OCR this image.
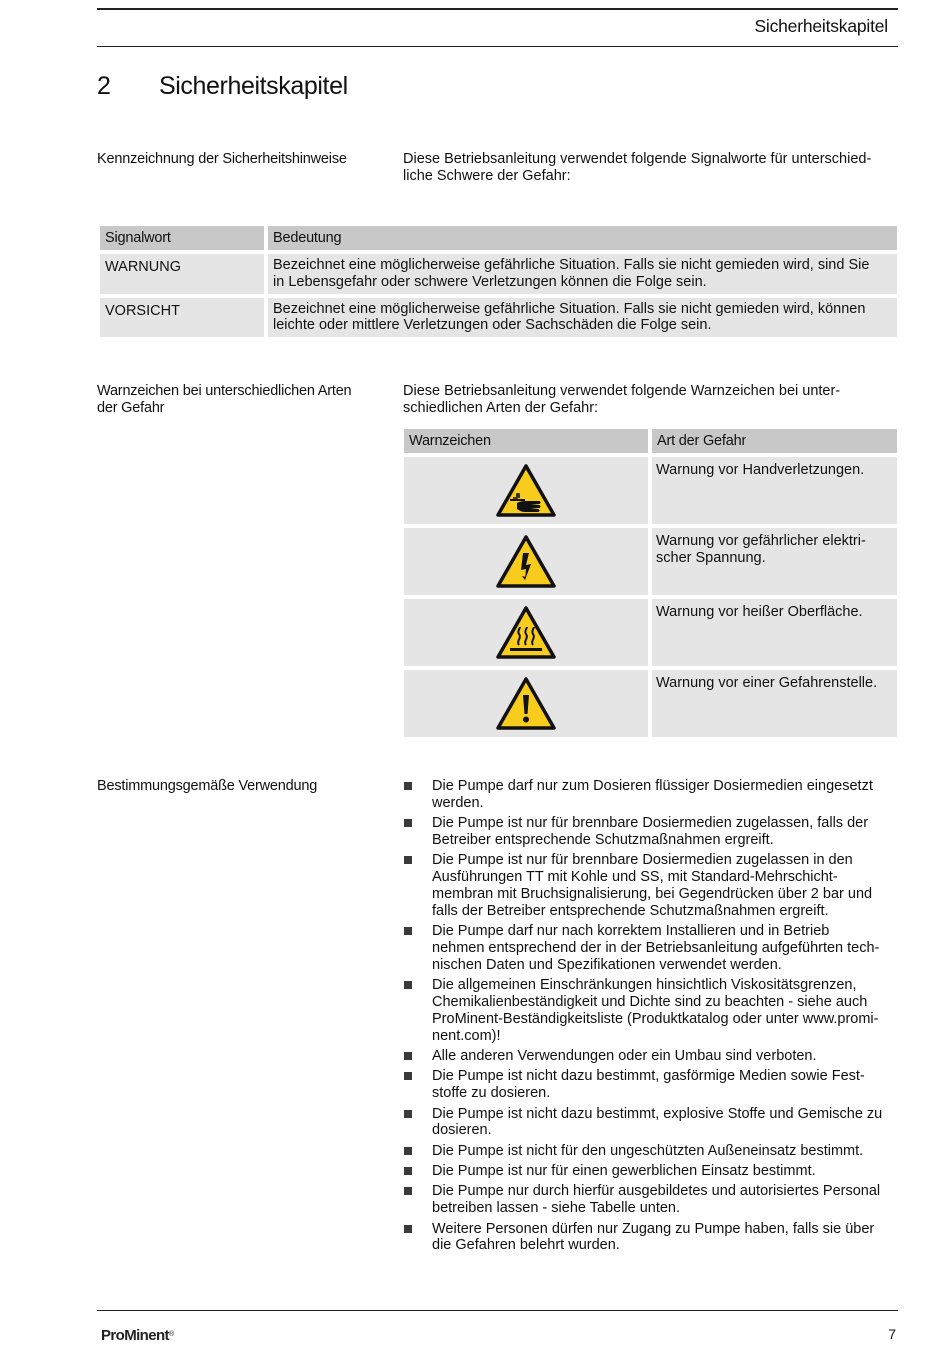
Sicherheitskapitel
2 Sicherheitskapitel
Kennzeichnung der Sicherheitshinweise	Diese Betriebsanleitung verwendet folgende Signalworte für unterschied-
liche Schwere der Gefahr:
Signalwort	Bedeutung
WARNUNG	Bezeichnet eine möglicherweise gefährliche Situation. Falls sie nicht gemieden wird, sind Sie
in Lebensgefahr oder schwere Verletzungen können die Folge sein.
VORSICHT	Bezeichnet eine möglicherweise gefährliche Situation. Falls sie nicht gemieden wird, können
leichte oder mittlere Verletzungen oder Sachschäden die Folge sein.
Warnzeichen bei unterschiedlichen Arten
der Gefahr
Diese Betriebsanleitung verwendet folgende Warnzeichen bei unter-
schiedlichen Arten der Gefahr:
Warnzeichen	Art der Gefahr
Warnung vor Handverletzungen.
Warnung vor gefährlicher elektri-
scher Spannung.
Warnung vor heißer Oberfläche.
Warnung vor einer Gefahrenstelle.
Bestimmungsgemäße Verwendung	Die Pumpe darf nur zum Dosieren flüssiger Dosiermedien eingesetzt
werden.
Die Pumpe ist nur für brennbare Dosiermedien zugelassen, falls der
Betreiber entsprechende Schutzmaßnahmen ergreift.
Die Pumpe ist nur für brennbare Dosiermedien zugelassen in den
Ausführungen TT mit Kohle und SS, mit Standard-Mehrschicht-
membran mit Bruchsignalisierung, bei Gegendrücken über 2 bar und
falls der Betreiber entsprechende Schutzmaßnahmen ergreift.
Die Pumpe darf nur nach korrektem Installieren und in Betrieb
nehmen entsprechend der in der Betriebsanleitung aufgeführten tech-
nischen Daten und Spezifikationen verwendet werden.
Die allgemeinen Einschränkungen hinsichtlich Viskositätsgrenzen,
Chemikalienbeständigkeit und Dichte sind zu beachten - siehe auch
ProMinent-Beständigkeitsliste (Produktkatalog oder unter www.promi-
nent.com)!
Alle anderen Verwendungen oder ein Umbau sind verboten.
Die Pumpe ist nicht dazu bestimmt, gasförmige Medien sowie Fest-
stoffe zu dosieren.
Die Pumpe ist nicht dazu bestimmt, explosive Stoffe und Gemische zu
dosieren.
Die Pumpe ist nicht für den ungeschützten Außeneinsatz bestimmt.
Die Pumpe ist nur für einen gewerblichen Einsatz bestimmt.
Die Pumpe nur durch hierfür ausgebildetes und autorisiertes Personal
betreiben lassen - siehe Tabelle unten.
Weitere Personen dürfen nur Zugang zu Pumpe haben, falls sie über
die Gefahren belehrt wurden.
ProMinent®	7
